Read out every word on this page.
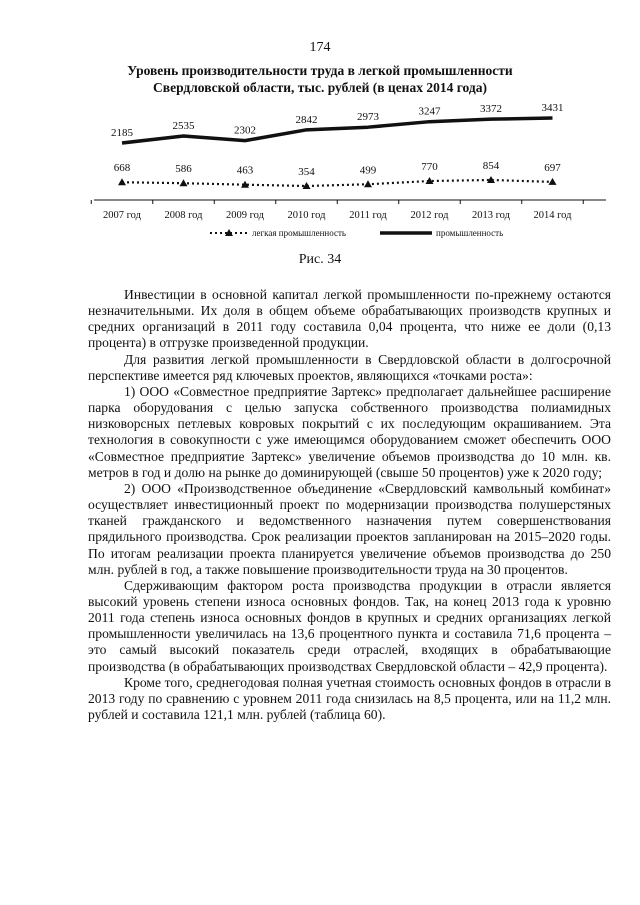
174
Уровень производительности труда в легкой промышленности
Свердловской области, тыс. рублей (в ценах 2014 года)
2185
2535	2302
2842	2973	3247	3372	3431
668	586	463	354	499	770	854	697
2007 год 2008 год 2009 год 2010 год 2011 год 2012 год 2013 год 2014 год
легкая промышленность	промышленность
Рис. 34

Инвестиции в основной капитал легкой промышленности по-прежнему остаются незначительными. Их доля в общем объеме обрабатывающих производств крупных и средних организаций в 2011 году составила 0,04 процента, что ниже ее доли (0,13 процента) в отгрузке произведенной продукции.

Для развития легкой промышленности в Свердловской области в долгосрочной перспективе имеется ряд ключевых проектов, являющихся «точками роста»:

1) ООО «Совместное предприятие Зартекс» предполагает дальнейшее расширение парка оборудования с целью запуска собственного производства полиамидных низковорсных петлевых ковровых покрытий с их последующим окрашиванием. Эта технология в совокупности с уже имеющимся оборудованием сможет обеспечить ООО «Совместное предприятие Зартекс» увеличение объемов производства до 10 млн. кв. метров в год и долю на рынке до доминирующей (свыше 50 процентов) уже к 2020 году;

2) ООО «Производственное объединение «Свердловский камвольный комбинат» осуществляет инвестиционный проект по модернизации производства полушерстяных тканей гражданского и ведомственного назначения путем совершенствования прядильного производства. Срок реализации проектов запланирован на 2015–2020 годы. По итогам реализации проекта планируется увеличение объемов производства до 250 млн. рублей в год, а также повышение производительности труда на 30 процентов.

Сдерживающим фактором роста производства продукции в отрасли является высокий уровень степени износа основных фондов. Так, на конец 2013 года к уровню 2011 года степень износа основных фондов в крупных и средних организациях легкой промышленности увеличилась на 13,6 процентного пункта и составила 71,6 процента – это самый высокий показатель среди отраслей, входящих в обрабатывающие производства (в обрабатывающих производствах Свердловской области – 42,9 процента).

Кроме того, среднегодовая полная учетная стоимость основных фондов в отрасли в 2013 году по сравнению с уровнем 2011 года снизилась на 8,5 процента, или на 11,2 млн. рублей и составила 121,1 млн. рублей (таблица 60).
